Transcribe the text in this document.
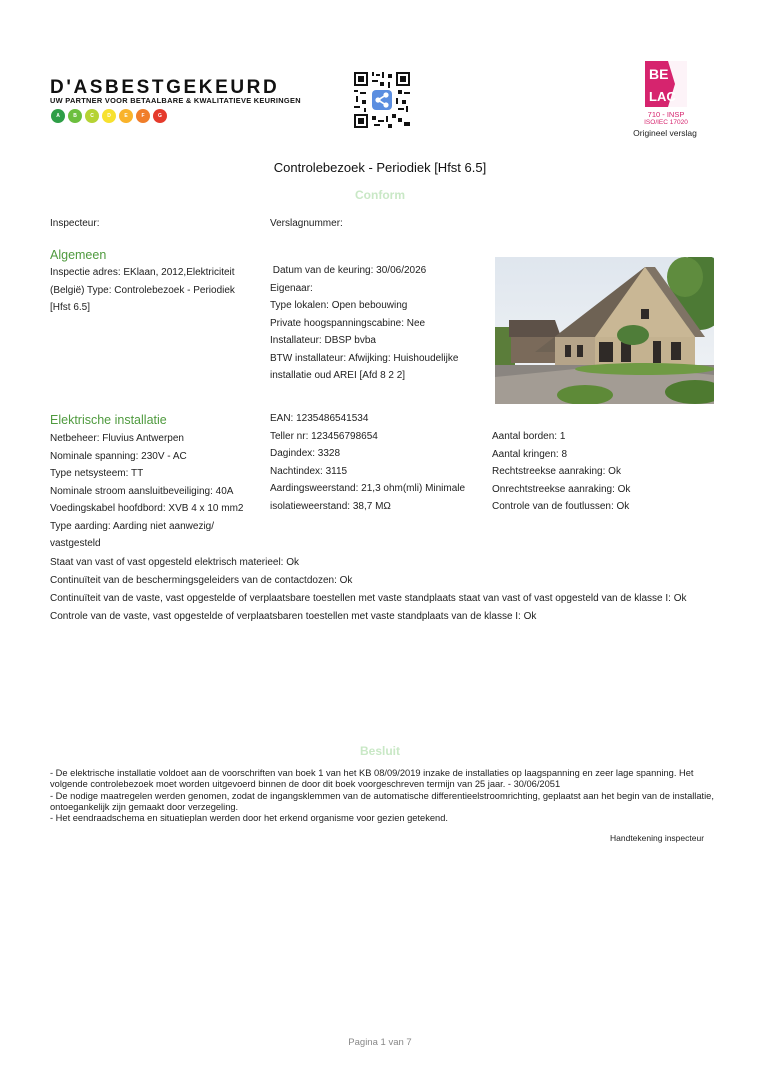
D'ASBESTGEKEURD
UW PARTNER VOOR BETAALBARE & KWALITATIEVE KEURINGEN
A	B	C	D	E	F	G
BE
LAC
710 - INSP
ISO/IEC 17020
Origineel verslag
Controlebezoek - Periodiek [Hfst 6.5]
Conform
Inspecteur:	Verslagnummer:
Algemeen
Inspectie adres: EKlaan, 2012,Elektriciteit
(België) Type: Controlebezoek - Periodiek
[Hfst 6.5]
Datum van de keuring: 30/06/2026
Eigenaar:
Type lokalen: Open bebouwing
Private hoogspanningscabine: Nee
Installateur: DBSP bvba
BTW installateur: Afwijking: Huishoudelijke
installatie oud AREI [Afd 8 2 2]
Elektrische installatie
Netbeheer: Fluvius Antwerpen
Nominale spanning: 230V - AC
Type netsysteem: TT
Nominale stroom aansluitbeveiliging: 40A
Voedingskabel hoofdbord: XVB 4 x 10 mm2
Type aarding: Aarding niet aanwezig/
vastgesteld
EAN: 1235486541534
Teller nr: 123456798654
Dagindex: 3328
Nachtindex: 3115
Aardingsweerstand: 21,3 ohm(mli) Minimale
isolatieweerstand: 38,7 MΩ
Aantal borden: 1
Aantal kringen: 8
Rechtstreekse aanraking: Ok
Onrechtstreekse aanraking: Ok
Controle van de foutlussen: Ok
Staat van vast of vast opgesteld elektrisch materieel: Ok
Continuïteit van de beschermingsgeleiders van de contactdozen: Ok
Continuïteit van de vaste, vast opgestelde of verplaatsbare toestellen met vaste standplaats staat van vast of vast opgesteld van de klasse I: Ok
Controle van de vaste, vast opgestelde of verplaatsbaren toestellen met vaste standplaats van de klasse I: Ok
Besluit
- De elektrische installatie voldoet aan de voorschriften van boek 1 van het KB 08/09/2019 inzake de installaties op laagspanning en zeer lage spanning. Het volgende controlebezoek moet worden uitgevoerd binnen de door dit boek voorgeschreven termijn van 25 jaar. - 30/06/2051
- De nodige maatregelen werden genomen, zodat de ingangsklemmen van de automatische differentieelstroomrichting, geplaatst aan het begin van de installatie, ontoegankelijk zijn gemaakt door verzegeling.
- Het eendraadschema en situatieplan werden door het erkend organisme voor gezien getekend.
Handtekening inspecteur
Pagina 1 van 7
